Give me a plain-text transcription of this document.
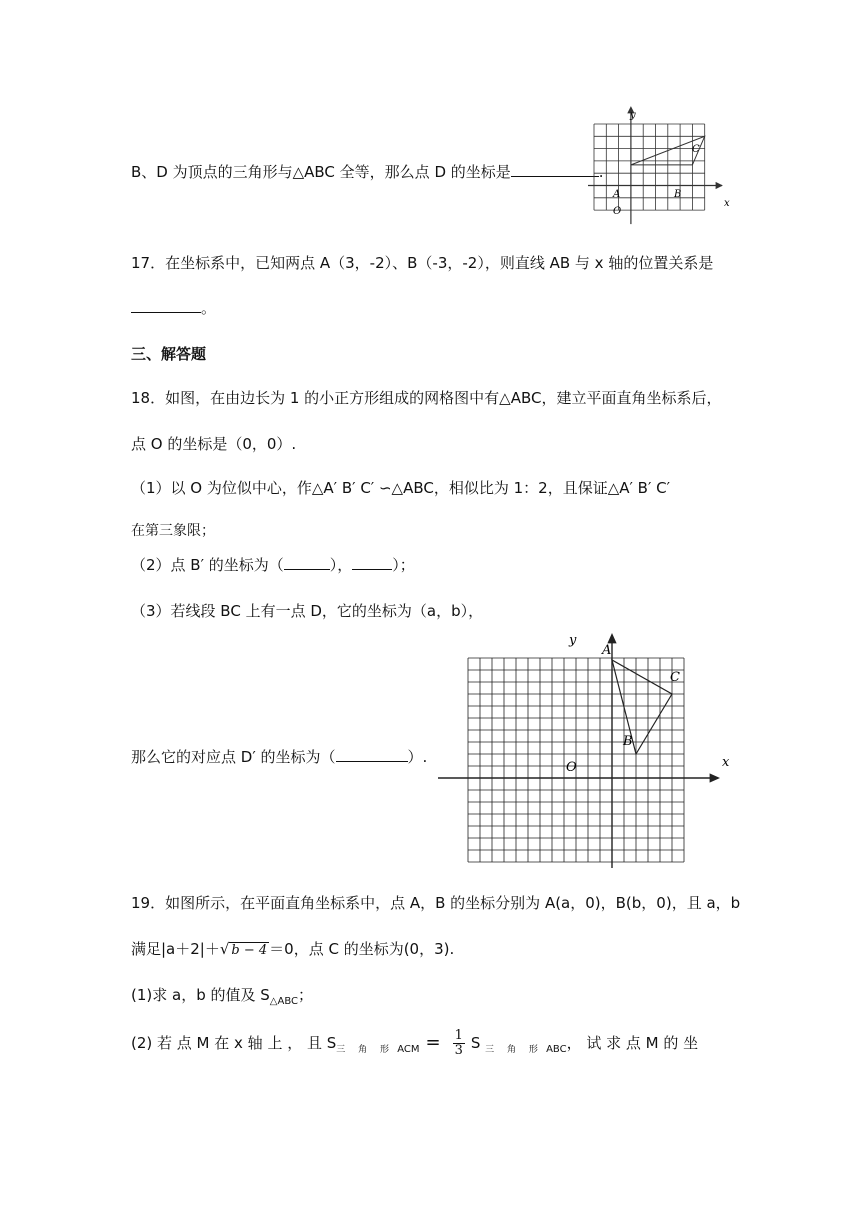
B、D 为顶点的三角形与△ABC 全等，那么点 D 的坐标是	.
y
x
A	B
C
O
17．在坐标系中，已知两点 A（3，-2）、B（-3，-2），则直线 AB 与 x 轴的位置关系是
。
三、解答题
18．如图，在由边长为 1 的小正方形组成的网格图中有△ABC，建立平面直角坐标系后，
点 O 的坐标是（0，0）.
（1）以 O 为位似中心，作△A′ B′ C′ ∽△ABC，相似比为 1：2，且保证△A′ B′ C′
在第三象限；
（2）点 B′ 的坐标为（	），	）；
（3）若线段 BC 上有一点 D，它的坐标为（a，b），
那么它的对应点 D′ 的坐标为（	）.
y
x
A
C
B
O
19．如图所示，在平面直角坐标系中，点 A，B 的坐标分别为 A(a，0)，B(b，0)，且 a，b
满足|a＋2|＋√ b − 4 ＝0，点 C 的坐标为(0，3).
(1)求 a，b 的值及 $S_{\triangle ABC}$；
(2) 若 点 M 在 x 轴 上 ， 且 $S_{三 角 形}$ $_{ACM} = \frac{1}{3}$ S $_{三 角 形}$ $_{ABC}$， 试 求 点 M 的 坐
